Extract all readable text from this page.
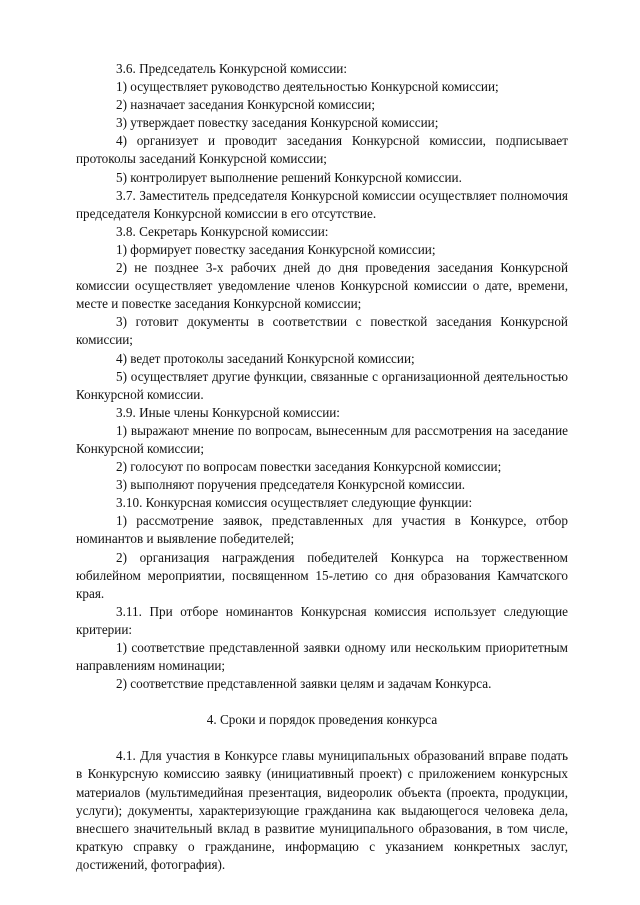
3.6. Председатель Конкурсной комиссии:

1) осуществляет руководство деятельностью Конкурсной комиссии;

2) назначает заседания Конкурсной комиссии;

3) утверждает повестку заседания Конкурсной комиссии;

4) организует и проводит заседания Конкурсной комиссии, подписывает протоколы заседаний Конкурсной комиссии;

5) контролирует выполнение решений Конкурсной комиссии.

3.7. Заместитель председателя Конкурсной комиссии осуществляет полномочия председателя Конкурсной комиссии в его отсутствие.

3.8. Секретарь Конкурсной комиссии:

1) формирует повестку заседания Конкурсной комиссии;

2) не позднее 3-х рабочих дней до дня проведения заседания Конкурсной комиссии осуществляет уведомление членов Конкурсной комиссии о дате, времени, месте и повестке заседания Конкурсной комиссии;

3) готовит документы в соответствии с повесткой заседания Конкурсной комиссии;

4) ведет протоколы заседаний Конкурсной комиссии;

5) осуществляет другие функции, связанные с организационной деятельностью Конкурсной комиссии.

3.9. Иные члены Конкурсной комиссии:

1) выражают мнение по вопросам, вынесенным для рассмотрения на заседание Конкурсной комиссии;

2) голосуют по вопросам повестки заседания Конкурсной комиссии;

3) выполняют поручения председателя Конкурсной комиссии.

3.10. Конкурсная комиссия осуществляет следующие функции:

1) рассмотрение заявок, представленных для участия в Конкурсе, отбор номинантов и выявление победителей;

2) организация награждения победителей Конкурса на торжественном юбилейном мероприятии, посвященном 15-летию со дня образования Камчатского края.

3.11. При отборе номинантов Конкурсная комиссия использует следующие критерии:

1) соответствие представленной заявки одному или нескольким приоритетным направлениям номинации;

2) соответствие представленной заявки целям и задачам Конкурса.

4. Сроки и порядок проведения конкурса

4.1. Для участия в Конкурсе главы муниципальных образований вправе подать в Конкурсную комиссию заявку (инициативный проект) с приложением конкурсных материалов (мультимедийная презентация, видеоролик объекта (проекта, продукции, услуги); документы, характеризующие гражданина как выдающегося человека дела, внесшего значительный вклад в развитие муниципального образования, в том числе, краткую справку о гражданине, информацию с указанием конкретных заслуг, достижений, фотография).
